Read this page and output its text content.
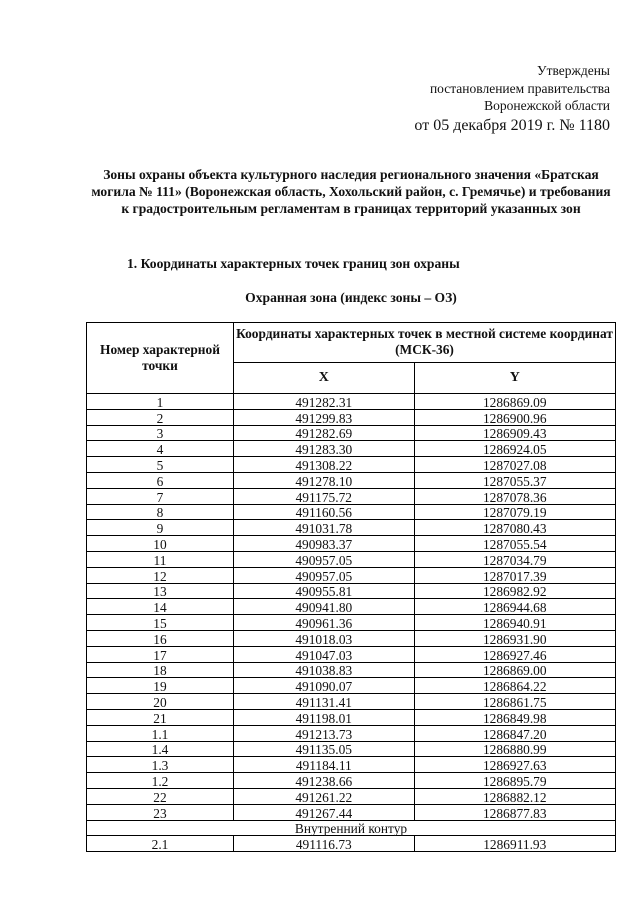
Утверждены
постановлением правительства
Воронежской области
от 05 декабря 2019 г. № 1180
Зоны охраны объекта культурного наследия регионального значения «Братская могила № 111» (Воронежская область, Хохольский район, с. Гремячье) и требования к градостроительным регламентам в границах территорий указанных зон
1. Координаты характерных точек границ зон охраны
Охранная зона (индекс зоны – ОЗ)
Номер характерной точки	Координаты характерных точек в местной системе координат (МСК-36)	
	X	Y
1	491282.31	1286869.09
2	491299.83	1286900.96
3	491282.69	1286909.43
4	491283.30	1286924.05
5	491308.22	1287027.08
6	491278.10	1287055.37
7	491175.72	1287078.36
8	491160.56	1287079.19
9	491031.78	1287080.43
10	490983.37	1287055.54
11	490957.05	1287034.79
12	490957.05	1287017.39
13	490955.81	1286982.92
14	490941.80	1286944.68
15	490961.36	1286940.91
16	491018.03	1286931.90
17	491047.03	1286927.46
18	491038.83	1286869.00
19	491090.07	1286864.22
20	491131.41	1286861.75
21	491198.01	1286849.98
1.1	491213.73	1286847.20
1.4	491135.05	1286880.99
1.3	491184.11	1286927.63
1.2	491238.66	1286895.79
22	491261.22	1286882.12
23	491267.44	1286877.83
Внутренний контур		
2.1	491116.73	1286911.93
